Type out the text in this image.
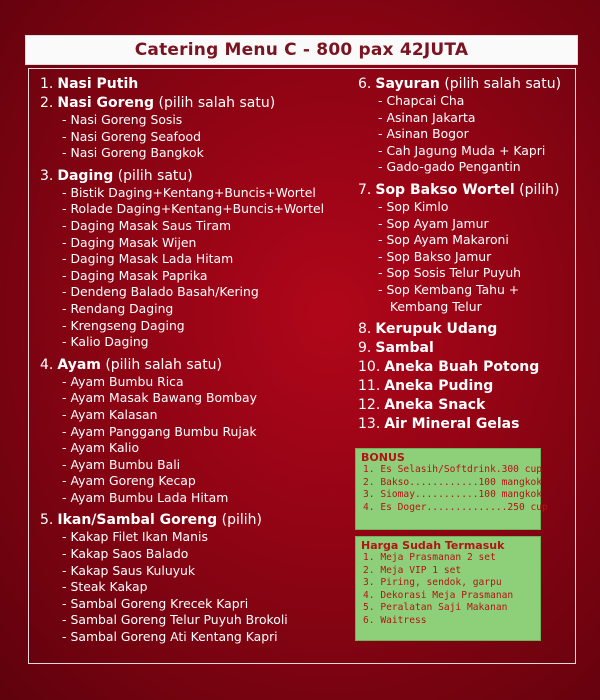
Catering Menu C - 800 pax 42JUTA
1. Nasi Putih
2. Nasi Goreng (pilih salah satu)
- Nasi Goreng Sosis
- Nasi Goreng Seafood
- Nasi Goreng Bangkok
3. Daging (pilih satu)
- Bistik Daging+Kentang+Buncis+Wortel
- Rolade Daging+Kentang+Buncis+Wortel
- Daging Masak Saus Tiram
- Daging Masak Wijen
- Daging Masak Lada Hitam
- Daging Masak Paprika
- Dendeng Balado Basah/Kering
- Rendang Daging
- Krengseng Daging
- Kalio Daging
4. Ayam (pilih salah satu)
- Ayam Bumbu Rica
- Ayam Masak Bawang Bombay
- Ayam Kalasan
- Ayam Panggang Bumbu Rujak
- Ayam Kalio
- Ayam Bumbu Bali
- Ayam Goreng Kecap
- Ayam Bumbu Lada Hitam
5. Ikan/Sambal Goreng (pilih)
- Kakap Filet Ikan Manis
- Kakap Saos Balado
- Kakap Saus Kuluyuk
- Steak Kakap
- Sambal Goreng Krecek Kapri
- Sambal Goreng Telur Puyuh Brokoli
- Sambal Goreng Ati Kentang Kapri
6. Sayuran (pilih salah satu)
- Chapcai Cha
- Asinan Jakarta
- Asinan Bogor
- Cah Jagung Muda + Kapri
- Gado-gado Pengantin
7. Sop Bakso Wortel (pilih)
- Sop Kimlo
- Sop Ayam Jamur
- Sop Ayam Makaroni
- Sop Bakso Jamur
- Sop Sosis Telur Puyuh
- Sop Kembang Tahu +
Kembang Telur
8. Kerupuk Udang
9. Sambal
10. Aneka Buah Potong
11. Aneka Puding
12. Aneka Snack
13. Air Mineral Gelas
BONUS
1. Es Selasih/Softdrink.300 cup
2. Bakso............100 mangkok
3. Siomay...........100 mangkok
4. Es Doger..............250 cup
Harga Sudah Termasuk
1. Meja Prasmanan 2 set
2. Meja VIP 1 set
3. Piring, sendok, garpu
4. Dekorasi Meja Prasmanan
5. Peralatan Saji Makanan
6. Waitress
